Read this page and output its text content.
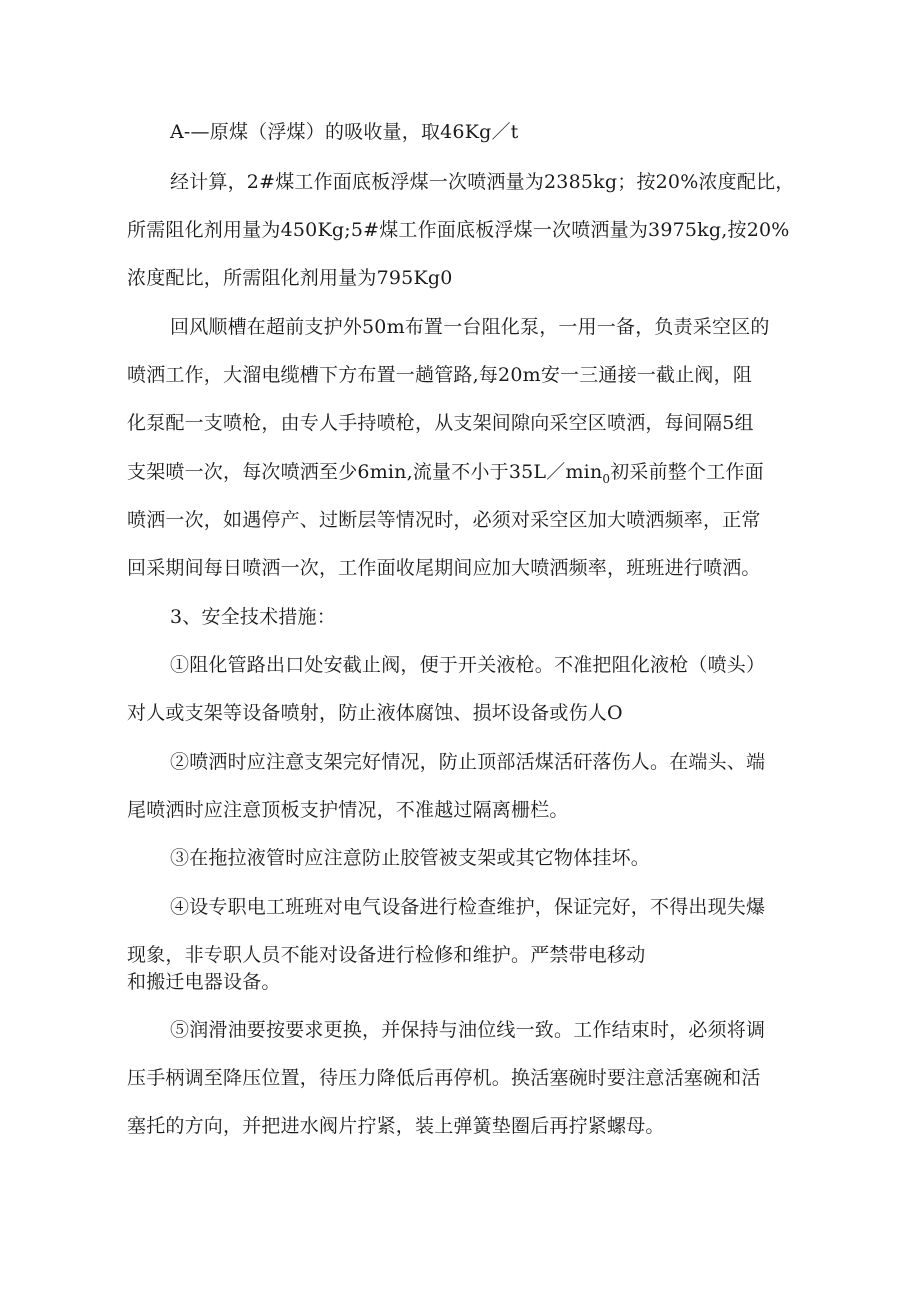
A-—原煤（浮煤）的吸收量，取46Kg／t
经计算，2#煤工作面底板浮煤一次喷洒量为2385kg；按20%浓度配比，
所需阻化剂用量为450Kg;5#煤工作面底板浮煤一次喷洒量为3975kg,按20%
浓度配比，所需阻化剂用量为795Kg0
回风顺槽在超前支护外50m布置一台阻化泵，一用一备，负责采空区的
喷洒工作，大溜电缆槽下方布置一趟管路,每20m安一三通接一截止阀，阻
化泵配一支喷枪，由专人手持喷枪，从支架间隙向采空区喷洒，每间隔5组
支架喷一次，每次喷洒至少6min,流量不小于$35L/\min_0$初采前整个工作面
喷洒一次，如遇停产、过断层等情况时，必须对采空区加大喷洒频率，正常
回采期间每日喷洒一次，工作面收尾期间应加大喷洒频率，班班进行喷洒。
3、安全技术措施：
①阻化管路出口处安截止阀，便于开关液枪。不准把阻化液枪（喷头）
对人或支架等设备喷射，防止液体腐蚀、损坏设备或伤人O
②喷洒时应注意支架完好情况，防止顶部活煤活矸落伤人。在端头、端
尾喷洒时应注意顶板支护情况，不准越过隔离栅栏。
③在拖拉液管时应注意防止胶管被支架或其它物体挂坏。
④设专职电工班班对电气设备进行检查维护，保证完好，不得出现失爆
现象，非专职人员不能对设备进行检修和维护。严禁带电移动
和搬迁电器设备。
⑤润滑油要按要求更换，并保持与油位线一致。工作结束时，必须将调
压手柄调至降压位置，待压力降低后再停机。换活塞碗时要注意活塞碗和活
塞托的方向，并把进水阀片拧紧，装上弹簧垫圈后再拧紧螺母。
